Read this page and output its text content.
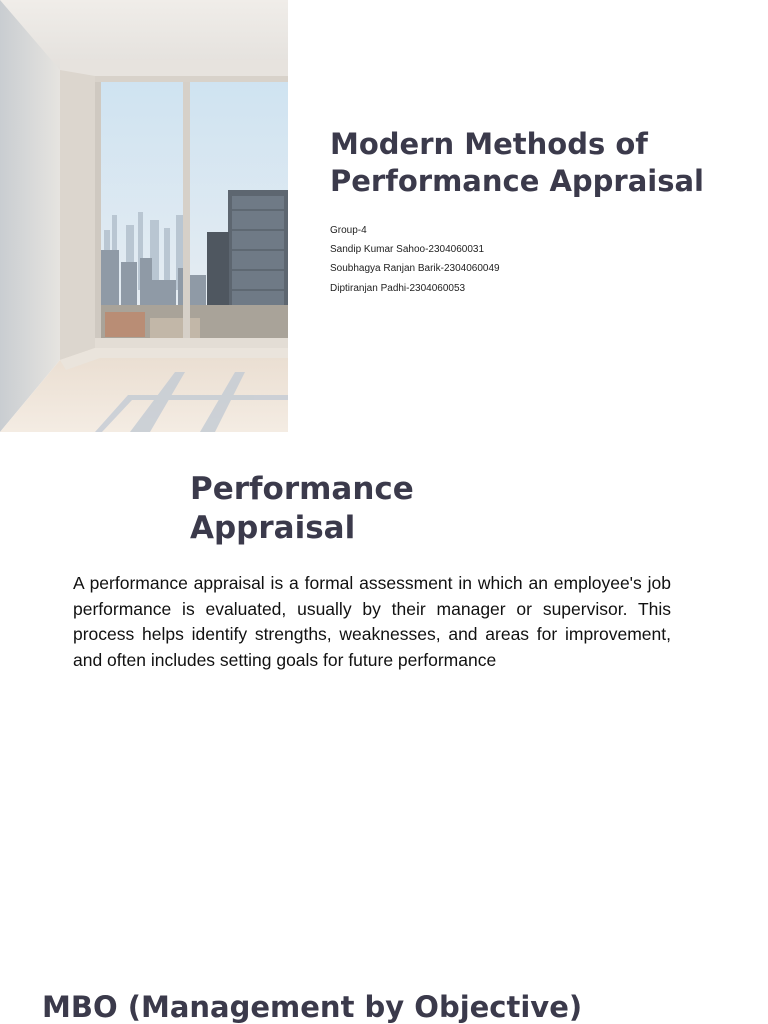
Modern Methods of Performance Appraisal
Group-4
Sandip Kumar Sahoo-2304060031
Soubhagya Ranjan Barik-2304060049
Diptiranjan Padhi-2304060053
Performance Appraisal

A performance appraisal is a formal assessment in which an employee's job performance is evaluated, usually by their manager or supervisor. This process helps identify strengths, weaknesses, and areas for improvement, and often includes setting goals for future performance

MBO (Management by Objective)
